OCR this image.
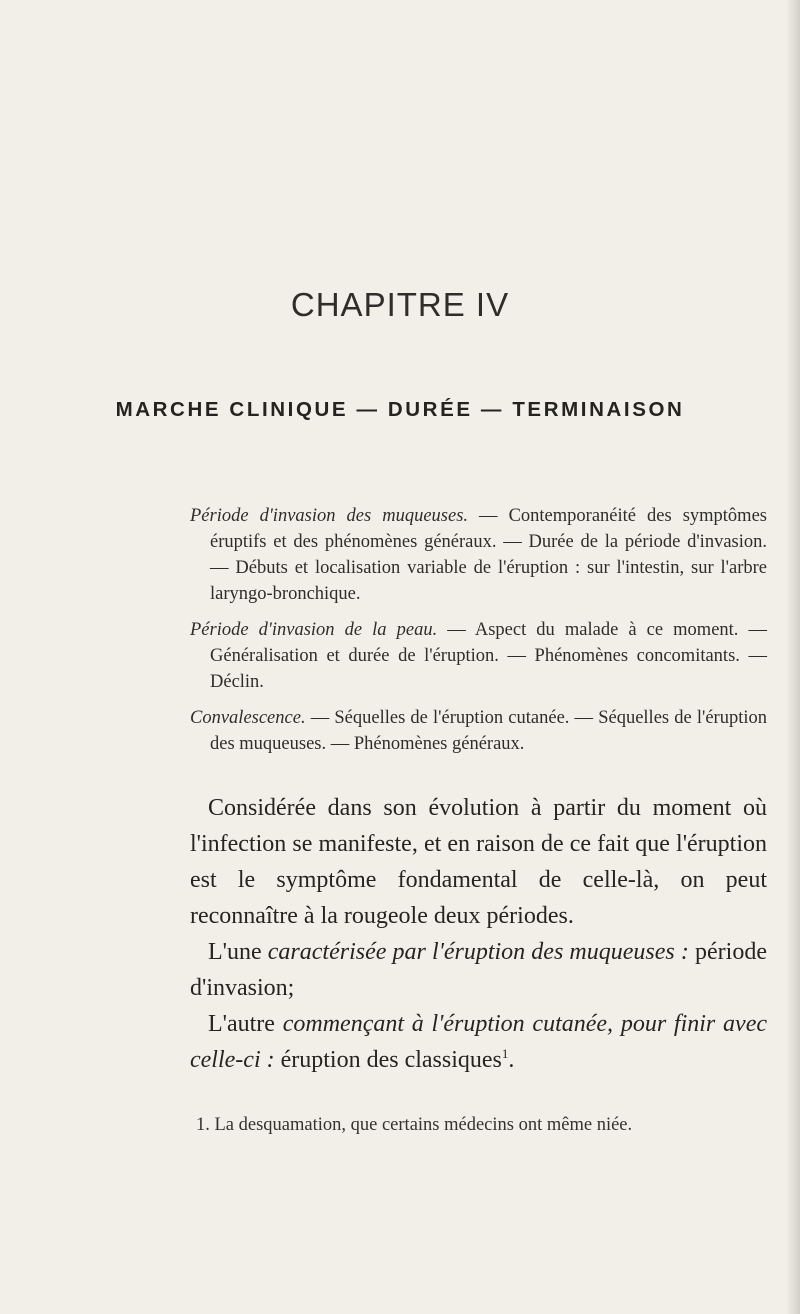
CHAPITRE IV
MARCHE CLINIQUE — DURÉE — TERMINAISON

Période d'invasion des muqueuses. — Contemporanéité des symptômes éruptifs et des phénomènes généraux. — Durée de la période d'invasion. — Débuts et localisation variable de l'éruption : sur l'intestin, sur l'arbre laryngo-bronchique.

Période d'invasion de la peau. — Aspect du malade à ce moment. — Généralisation et durée de l'éruption. — Phénomènes concomitants. — Déclin.

Convalescence. — Séquelles de l'éruption cutanée. — Séquelles de l'éruption des muqueuses. — Phénomènes généraux.

Considérée dans son évolution à partir du moment où l'infection se manifeste, et en raison de ce fait que l'éruption est le symptôme fondamental de celle-là, on peut reconnaître à la rougeole deux périodes.

L'une caractérisée par l'éruption des muqueuses : période d'invasion;

L'autre commençant à l'éruption cutanée, pour finir avec celle-ci : éruption des classiques$^1$.

1. La desquamation, que certains médecins ont même niée.
